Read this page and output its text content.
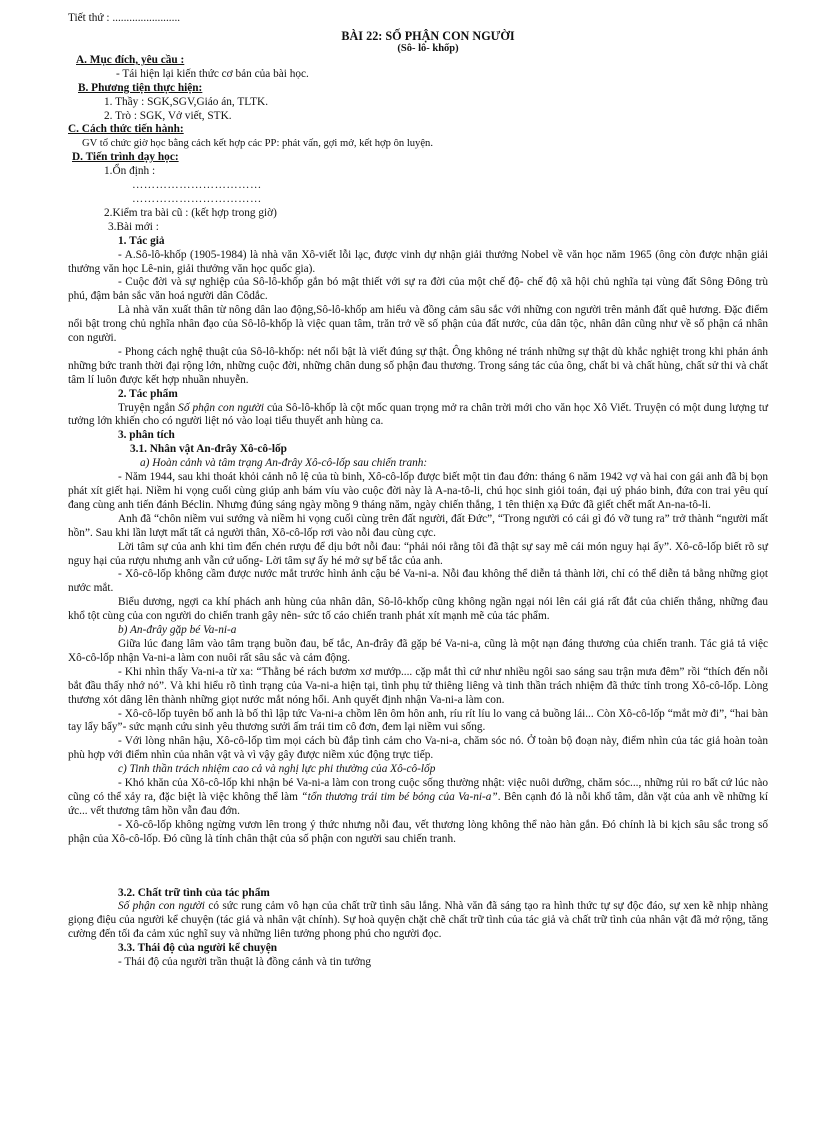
Tiết thứ : ........................

BÀI 22: SỐ PHẬN CON NGƯỜI

(Sô- lô- khốp)

A. Mục đích, yêu cầu :

- Tái hiện lại kiến thức cơ bản của bài học.

B. Phương tiện thực hiện:

1. Thầy : SGK,SGV,Giáo án, TLTK.

2. Trò : SGK, Vở viết, STK.

C. Cách thức tiến hành:

GV tổ chức giờ học bằng cách kết hợp các PP: phát vấn, gợi mở, kết hợp ôn luyện.

D. Tiến trình dạy học:

1.Ổn định :

……………………………

……………………………

2.Kiểm tra bài cũ : (kết hợp trong giờ)

3.Bài mới :

1. Tác giả

- A.Sô-lô-khốp (1905-1984) là nhà văn Xô-viết lỗi lạc, được vinh dự nhận giải thưởng Nobel về văn học năm 1965 (ông còn được nhận giải thưởng văn học Lê-nin, giải thưởng văn học quốc gia).

- Cuộc đời và sự nghiệp của Sô-lô-khốp gắn bó mật thiết với sự ra đời của một chế độ- chế độ xã hội chủ nghĩa tại vùng đất Sông Đông trù phú, đậm bản sắc văn hoá người dân Côdắc.

Là nhà văn xuất thân từ nông dân lao động,Sô-lô-khốp am hiểu và đồng cảm sâu sắc với những con người trên mảnh đất quê hương. Đặc điểm nổi bật trong chủ nghĩa nhân đạo của Sô-lô-khốp là việc quan tâm, trăn trở về số phận của đất nước, của dân tộc, nhân dân cũng như về số phận cá nhân con người.

- Phong cách nghệ thuật của Sô-lô-khốp: nét nổi bật là viết đúng sự thật. Ông không né tránh những sự thật dù khắc nghiệt trong khi phản ánh những bức tranh thời đại rộng lớn, những cuộc đời, những chân dung số phận đau thương. Trong sáng tác của ông, chất bi và chất hùng, chất sử thi và chất tâm lí luôn được kết hợp nhuần nhuyễn.

2. Tác phẩm

Truyện ngắn Số phận con người của Sô-lô-khốp là cột mốc quan trọng mở ra chân trời mới cho văn học Xô Viết. Truyện có một dung lượng tư tưởng lớn khiến cho có người liệt nó vào loại tiểu thuyết anh hùng ca.

3. phân tích

3.1. Nhân vật An-đrây Xô-cô-lốp

a) Hoàn cảnh và tâm trạng An-đrây Xô-cô-lốp sau chiến tranh:

- Năm 1944, sau khi thoát khỏi cảnh nô lệ của tù binh, Xô-cô-lốp được biết một tin đau đớn: tháng 6 năm 1942 vợ và hai con gái anh đã bị bọn phát xít giết hại. Niềm hi vọng cuối cùng giúp anh bám víu vào cuộc đời này là A-na-tô-li, chú học sinh giỏi toán, đại uý pháo binh, đứa con trai yêu quí đang cùng anh tiến đánh Béclin. Nhưng đúng sáng ngày mồng 9 tháng năm, ngày chiến thắng, 1 tên thiện xạ Đức đã giết chết mất An-na-tô-li.

Anh đã “chôn niềm vui sướng và niềm hi vọng cuối cùng trên đất người, đất Đức”, “Trong người có cái gì đó vỡ tung ra” trở thành “người mất hồn”. Sau khi lần lượt mất tất cả người thân, Xô-cô-lốp rơi vào nỗi đau cùng cực.

Lời tâm sự của anh khi tìm đến chén rượu để dịu bớt nỗi đau: “phải nói rằng tôi đã thật sự say mê cái món nguy hại ấy”. Xô-cô-lốp biết rõ sự nguy hại của rượu nhưng anh vẫn cứ uống- Lời tâm sự ấy hé mở sự bế tắc của anh.

- Xô-cô-lốp không cầm được nước mắt trước hình ảnh cậu bé Va-ni-a. Nỗi đau không thể diễn tả thành lời, chỉ có thể diễn tả bằng những giọt nước mắt.

Biểu dương, ngợi ca khí phách anh hùng của nhân dân, Sô-lô-khốp cũng không ngần ngại nói lên cái giá rất đắt của chiến thắng, những đau khổ tột cùng của con người do chiến tranh gây nên- sức tố cáo chiến tranh phát xít mạnh mẽ của tác phẩm.

b) An-đrây gặp bé Va-ni-a

Giữa lúc đang lâm vào tâm trạng buồn đau, bế tắc, An-đrây đã gặp bé Va-ni-a, cũng là một nạn đáng thương của chiến tranh. Tác giả tả việc Xô-cô-lốp nhận Va-ni-a làm con nuôi rất sâu sắc và cảm động.

- Khi nhìn thấy Va-ni-a từ xa: “Thằng bé rách bươm xơ mướp.... cặp mắt thì cứ như nhiều ngôi sao sáng sau trận mưa đêm” rồi “thích đến nỗi bắt đầu thấy nhớ nó”. Và khi hiểu rõ tình trạng của Va-ni-a hiện tại, tình phụ tử thiêng liêng và tinh thần trách nhiệm đã thức tỉnh trong Xô-cô-lốp. Lòng thương xót dâng lên thành những giọt nước mắt nóng hổi. Anh quyết định nhận Va-ni-a làm con.

- Xô-cô-lốp tuyên bố anh là bố thì lập tức Va-ni-a chồm lên ôm hôn anh, ríu rít líu lo vang cả buồng lái... Còn Xô-cô-lốp “mắt mờ đi”, “hai bàn tay lẩy bẩy”- sức mạnh cứu sinh yêu thương sưởi ấm trái tim cô đơn, đem lại niềm vui sống.

- Với lòng nhân hậu, Xô-cô-lốp tìm mọi cách bù đắp tình cảm cho Va-ni-a, chăm sóc nó. Ở toàn bộ đoạn này, điểm nhìn của tác giả hoàn toàn phù hợp với điểm nhìn của nhân vật và vì vậy gây được niềm xúc động trực tiếp.

c) Tinh thần trách nhiệm cao cả và nghị lực phi thường của Xô-cô-lốp

- Khó khăn của Xô-cô-lốp khi nhận bé Va-ni-a làm con trong cuộc sống thường nhật: việc nuôi dưỡng, chăm sóc..., những rủi ro bất cứ lúc nào cũng có thể xảy ra, đặc biệt là việc không thể làm “tổn thương trái tim bé bỏng của Va-ni-a”. Bên cạnh đó là nỗi khổ tâm, dằn vặt của anh về những kí ức... vết thương tâm hồn vẫn đau đớn.

- Xô-cô-lốp không ngừng vươn lên trong ý thức nhưng nỗi đau, vết thương lòng không thể nào hàn gắn. Đó chính là bi kịch sâu sắc trong số phận của Xô-cô-lốp. Đó cũng là tính chân thật của số phận con người sau chiến tranh.

3.2. Chất trữ tình của tác phẩm

Số phận con người có sức rung cảm vô hạn của chất trữ tình sâu lắng. Nhà văn đã sáng tạo ra hình thức tự sự độc đáo, sự xen kẽ nhịp nhàng giọng điệu của người kể chuyện (tác giả và nhân vật chính). Sự hoà quyện chặt chẽ chất trữ tình của tác giả và chất trữ tình của nhân vật đã mở rộng, tăng cường đến tối đa cảm xúc nghĩ suy và những liên tưởng phong phú cho người đọc.

3.3. Thái độ của người kể chuyện

- Thái độ của người trần thuật là đồng cảnh và tin tưởng
